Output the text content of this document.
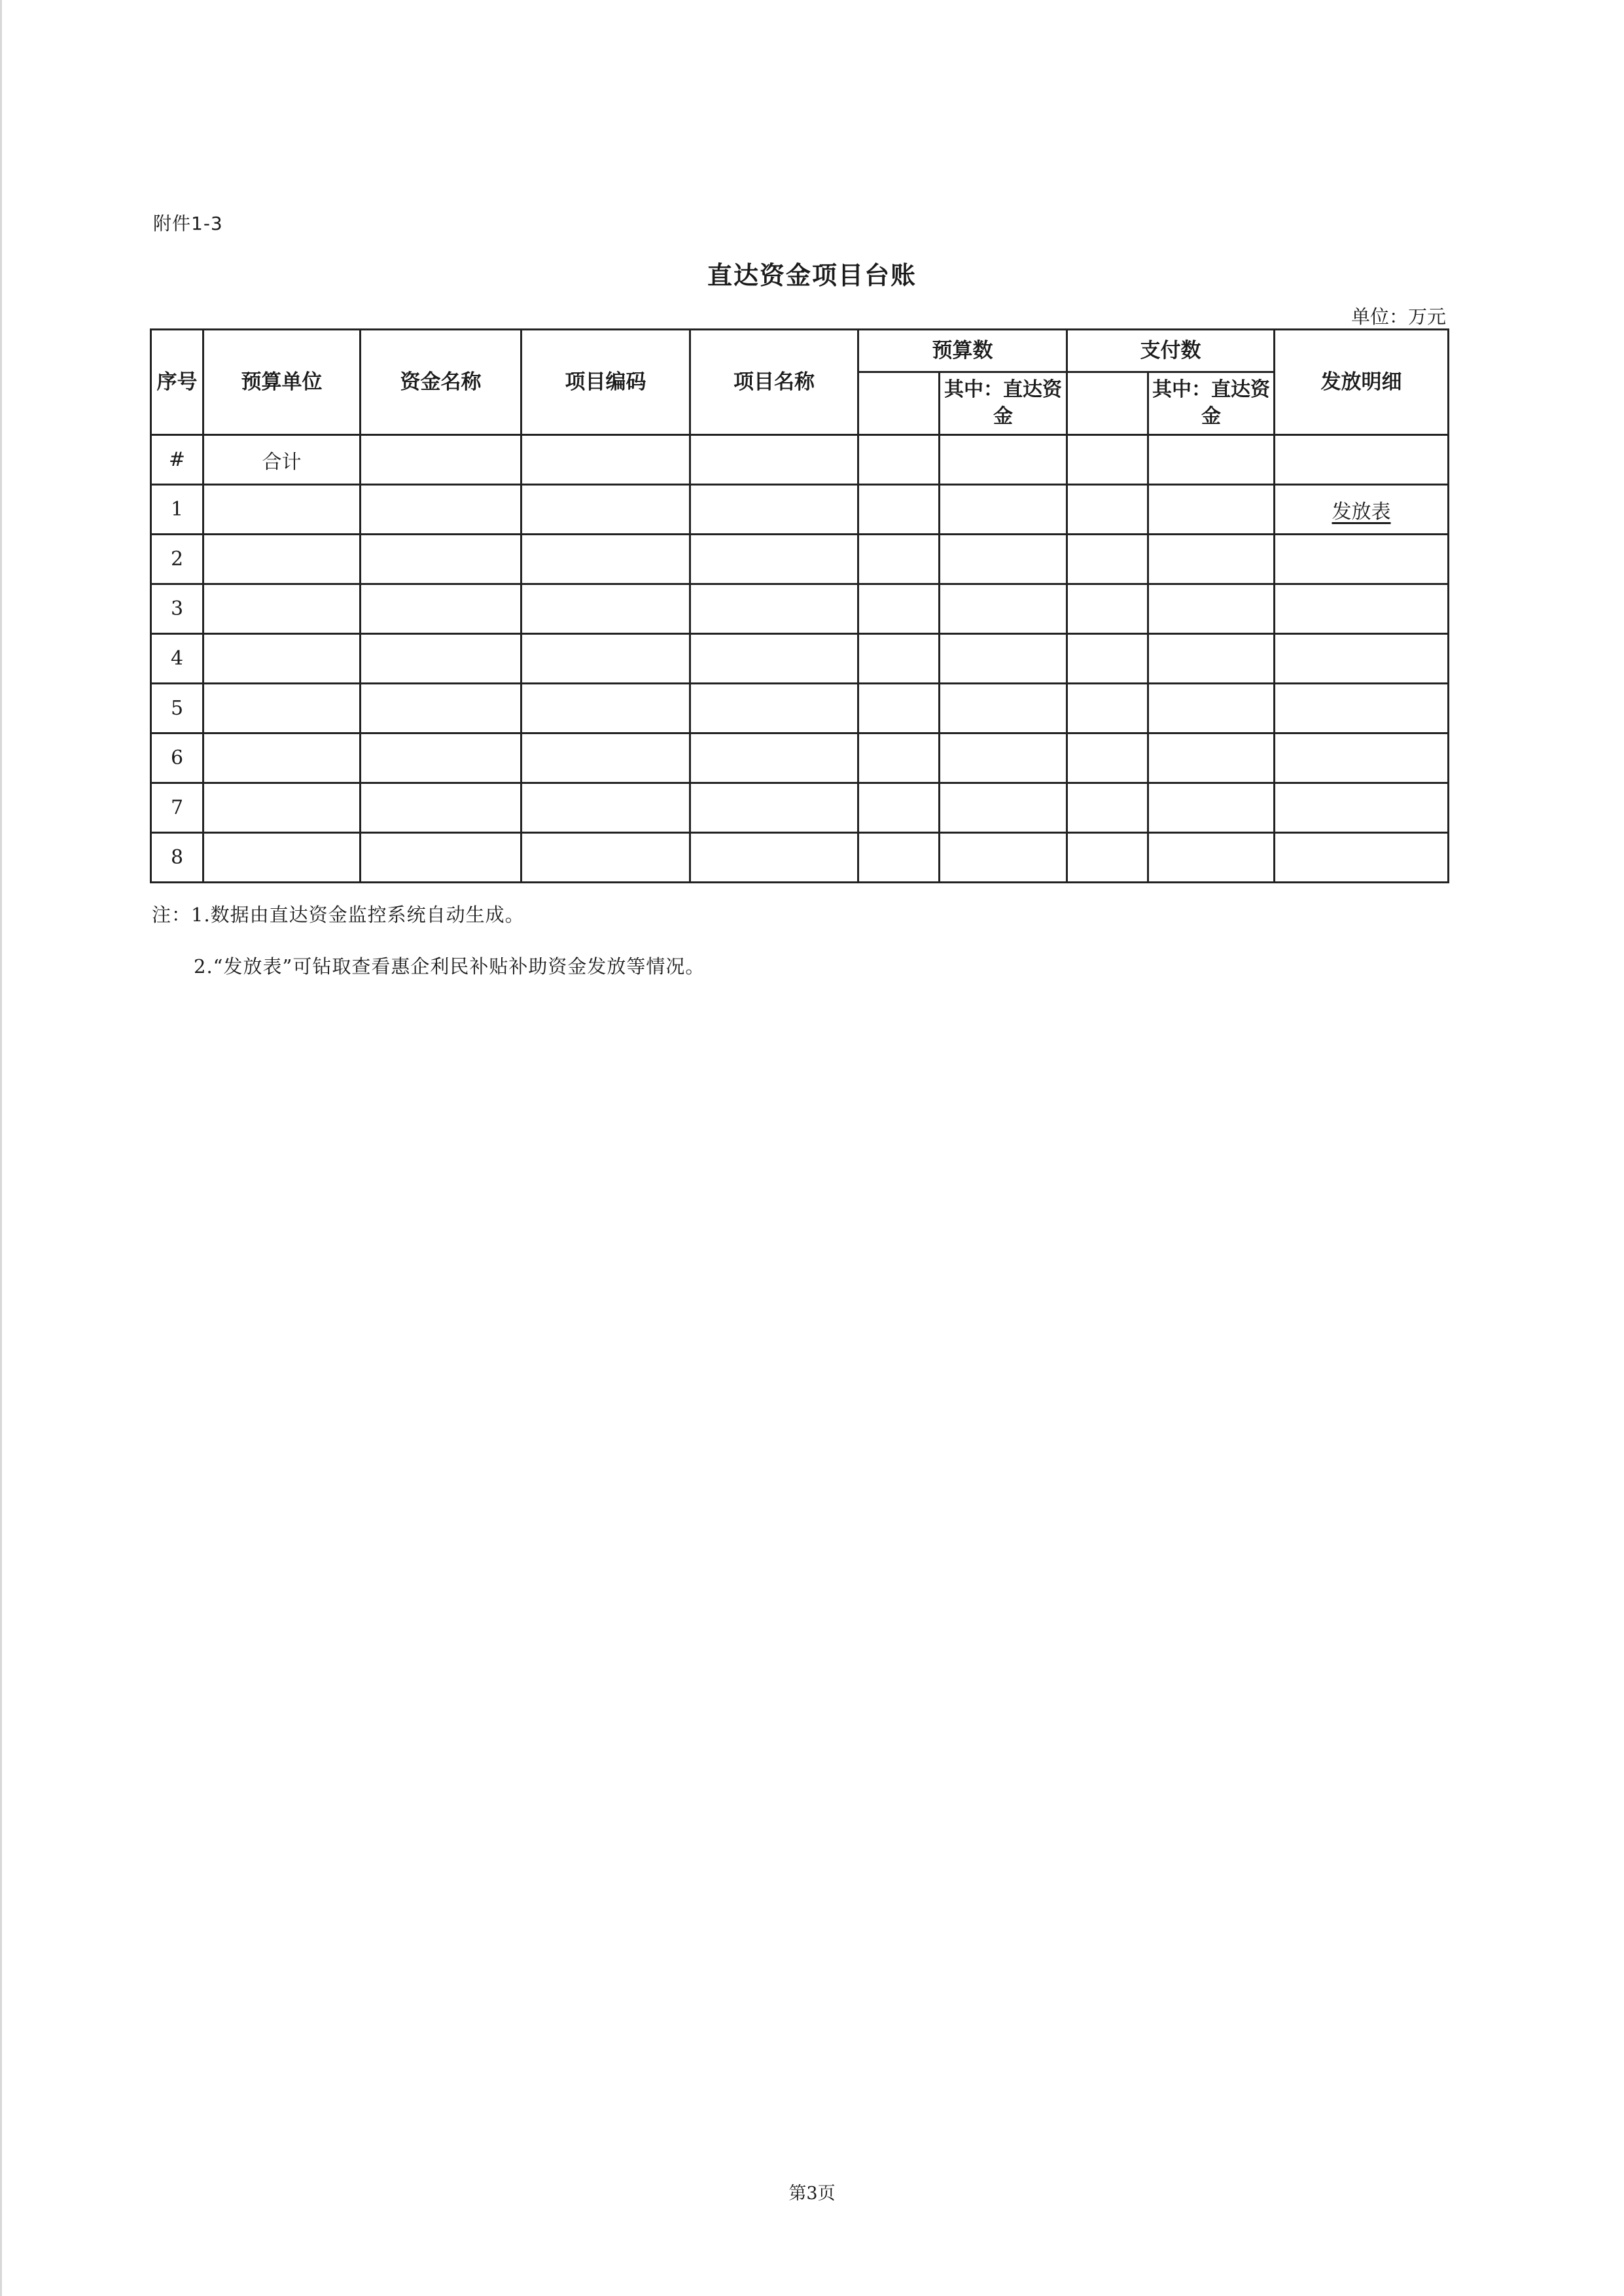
附件1-3
直达资金项目台账
单位：万元
序号	预算单位	资金名称	项目编码	项目名称	预算数		支付数		发放明细
						其中：直达资金		其中：直达资金	
#	合计								
1									发放表
2									
3									
4									
5									
6									
7									
8									
注：1.数据由直达资金监控系统自动生成。
2.“发放表”可钻取查看惠企利民补贴补助资金发放等情况。
第3页
